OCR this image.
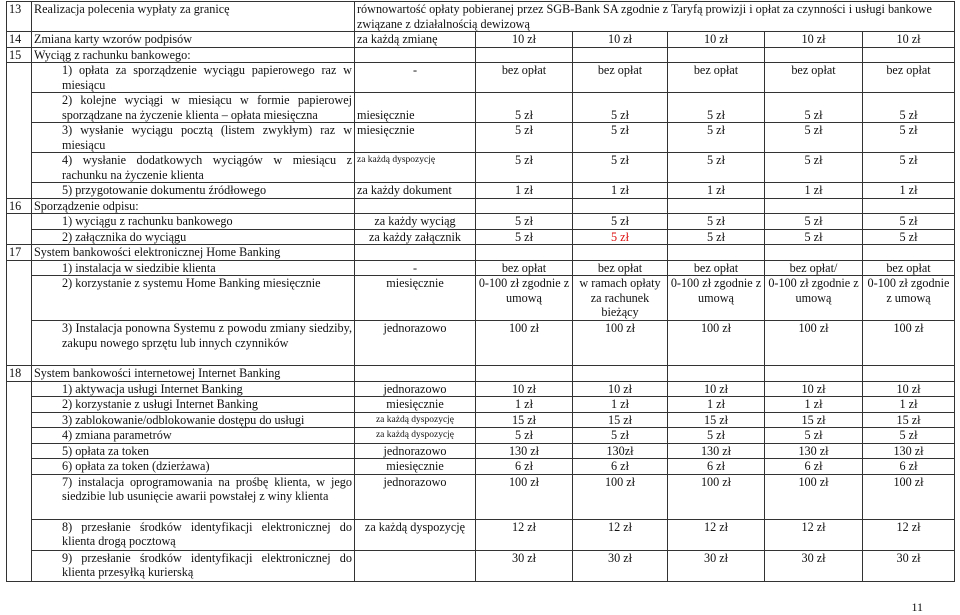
13	Realizacja polecenia wypłaty za granicę	równowartość opłaty pobieranej przez SGB-Bank SA zgodnie z Taryfą prowizji i opłat za czynności i usługi bankowe związane z działalnością dewizową					
14	Zmiana karty wzorów podpisów	za każdą zmianę	10 zł	10 zł	10 zł	10 zł	10 zł
15	Wyciąg z rachunku bankowego:						
	1) opłata za sporządzenie wyciągu papierowego raz w miesiącu	-	bez opłat	bez opłat	bez opłat	bez opłat	bez opłat
	2) kolejne wyciągi w miesiącu w formie papierowej sporządzane na życzenie klienta – opłata miesięczna	miesięcznie	5 zł	5 zł	5 zł	5 zł	5 zł
	3) wysłanie wyciągu pocztą (listem zwykłym) raz w miesiącu	miesięcznie	5 zł	5 zł	5 zł	5 zł	5 zł
	4) wysłanie dodatkowych wyciągów w miesiącu z rachunku na życzenie klienta	za każdą dyspozycję	5 zł	5 zł	5 zł	5 zł	5 zł
	5) przygotowanie dokumentu źródłowego	za każdy dokument	1 zł	1 zł	1 zł	1 zł	1 zł
16	Sporządzenie odpisu:						
	1) wyciągu z rachunku bankowego	za każdy wyciąg	5 zł	5 zł	5 zł	5 zł	5 zł
	2) załącznika do wyciągu	za każdy załącznik	5 zł	5 zł	5 zł	5 zł	5 zł
17	System bankowości elektronicznej Home Banking						
	1) instalacja w siedzibie klienta	-	bez opłat	bez opłat	bez opłat	bez opłat/	bez opłat
	2) korzystanie z systemu Home Banking miesięcznie	miesięcznie	0-100 zł zgodnie z umową	w ramach opłaty za rachunek bieżący	0-100 zł zgodnie z umową	0-100 zł zgodnie z umową	0-100 zł zgodnie z umową
	3) Instalacja ponowna Systemu z powodu zmiany siedziby, zakupu nowego sprzętu lub innych czynników	jednorazowo	100 zł	100 zł	100 zł	100 zł	100 zł
18	System bankowości internetowej Internet Banking						
	1) aktywacja usługi Internet Banking	jednorazowo	10 zł	10 zł	10 zł	10 zł	10 zł
	2) korzystanie z usługi Internet Banking	miesięcznie	1 zł	1 zł	1 zł	1 zł	1 zł
	3) zablokowanie/odblokowanie dostępu do usługi	za każdą dyspozycję	15 zł	15 zł	15 zł	15 zł	15 zł
	4) zmiana parametrów	za każdą dyspozycję	5 zł	5 zł	5 zł	5 zł	5 zł
	5) opłata za token	jednorazowo	130 zł	130zł	130 zł	130 zł	130 zł
	6) opłata za token (dzierżawa)	miesięcznie	6 zł	6 zł	6 zł	6 zł	6 zł
	7) instalacja oprogramowania na prośbę klienta, w jego siedzibie lub usunięcie awarii powstałej z winy klienta	jednorazowo	100 zł	100 zł	100 zł	100 zł	100 zł
	8) przesłanie środków identyfikacji elektronicznej do klienta drogą pocztową	za każdą dyspozycję	12 zł	12 zł	12 zł	12 zł	12 zł
	9) przesłanie środków identyfikacji elektronicznej do klienta przesyłką kurierską		30 zł	30 zł	30 zł	30 zł	30 zł
11
